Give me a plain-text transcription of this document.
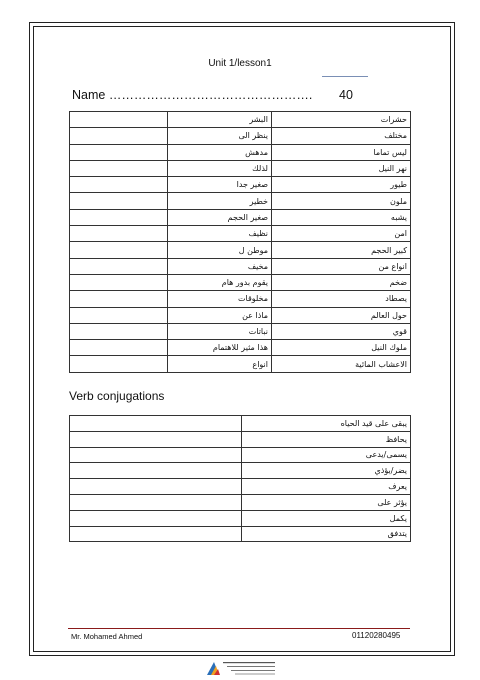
Unit 1/lesson1
Name …………………………………………. 40
	البشر	حشرات
	ينظر الى	مختلف
	مدهش	ليس تماما
	لذلك	نهر النيل
	صغير جدا	طيور
	خطير	ملون
	صغير الحجم	يشبه
	نظيف	امن
	موطن ل	كبير الحجم
	مخيف	انواع من
	يقوم بدور هام	ضخم
	مخلوقات	يصطاد
	ماذا عن	حول العالم
	نباتات	قوي
	هذا مثير للاهتمام	ملوك النيل
	انواع	الاعشاب المائية
Verb conjugations
	يبقى على قيد الحياه
	يحافظ
	يسمى/يدعى
	يضر/يؤذي
	يعرف
	يؤثر على
	يكمل
	يتدفق
Mr. Mohamed Ahmed	01120280495
